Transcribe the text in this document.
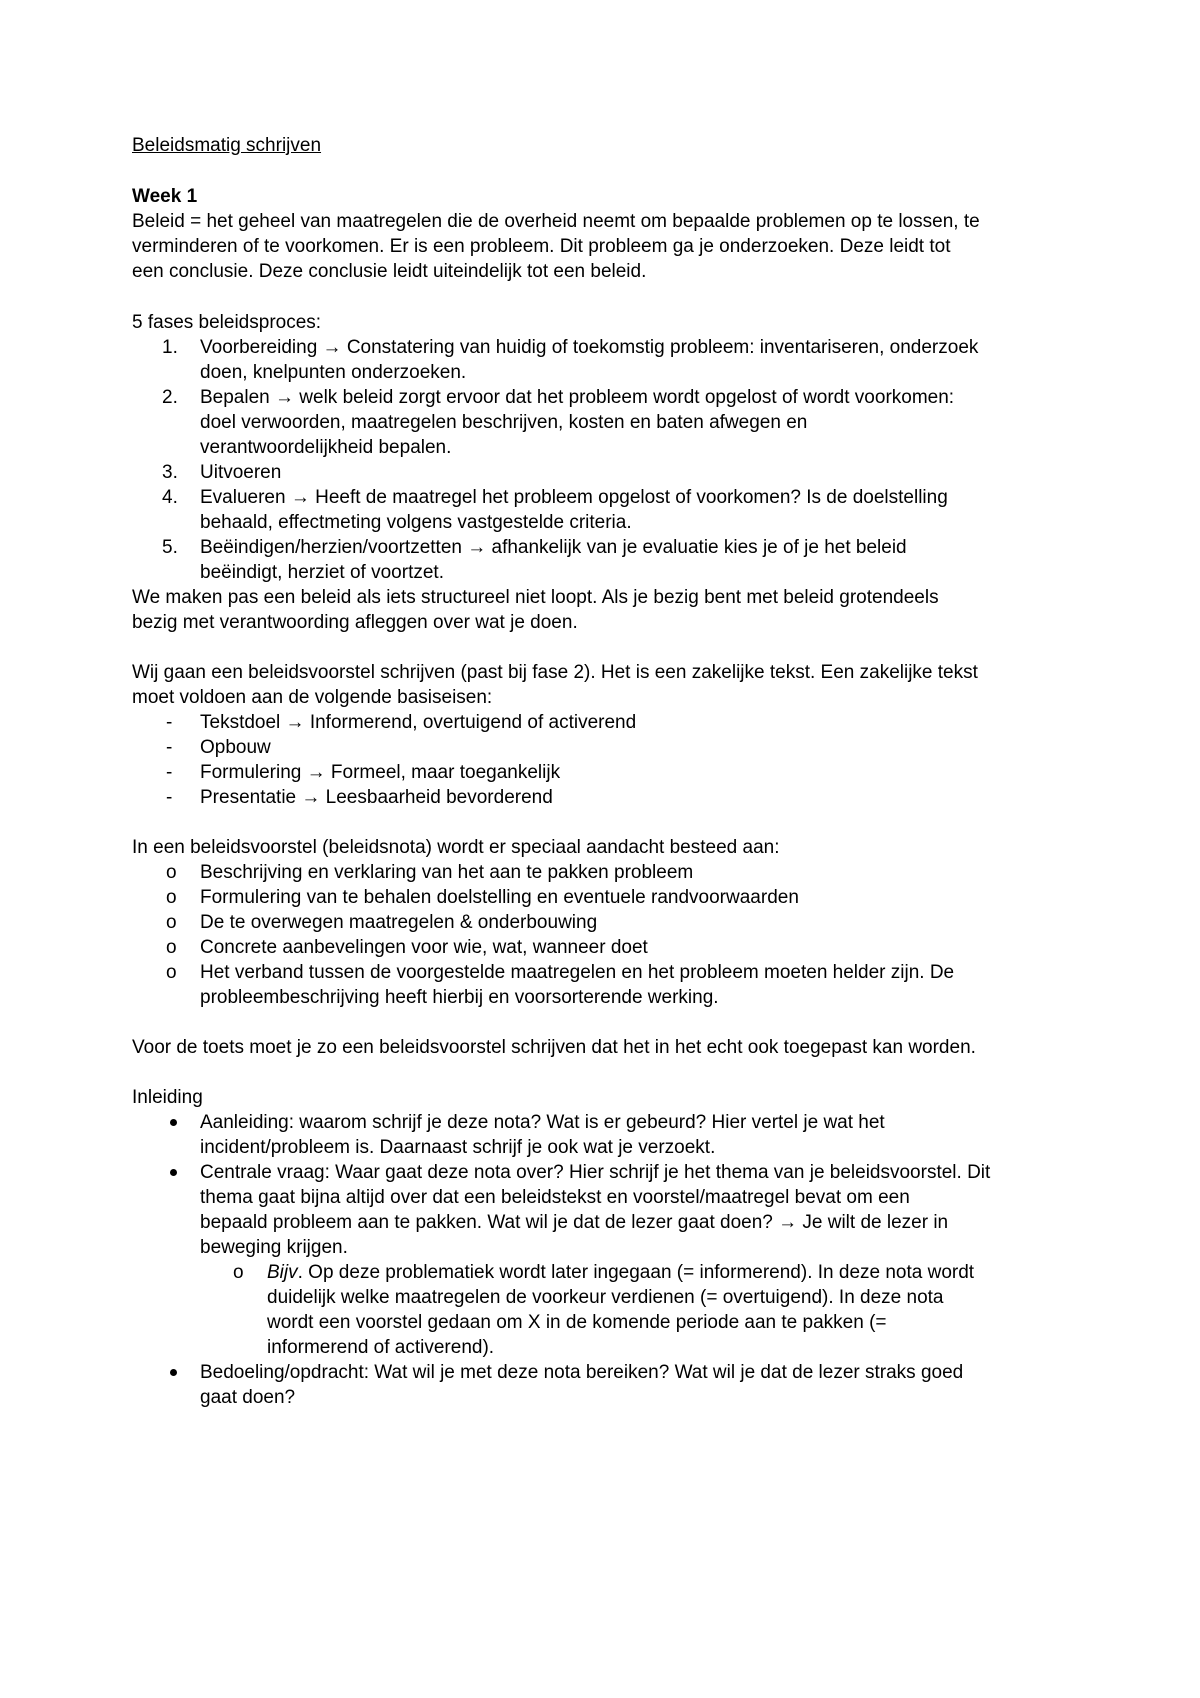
Beleidsmatig schrijven
Week 1
Beleid = het geheel van maatregelen die de overheid neemt om bepaalde problemen op te lossen, te
verminderen of te voorkomen. Er is een probleem. Dit probleem ga je onderzoeken. Deze leidt tot
een conclusie. Deze conclusie leidt uiteindelijk tot een beleid.
5 fases beleidsproces:
1. Voorbereiding → Constatering van huidig of toekomstig probleem: inventariseren, onderzoek
doen, knelpunten onderzoeken.
2. Bepalen → welk beleid zorgt ervoor dat het probleem wordt opgelost of wordt voorkomen:
doel verwoorden, maatregelen beschrijven, kosten en baten afwegen en
verantwoordelijkheid bepalen.
3. Uitvoeren
4. Evalueren → Heeft de maatregel het probleem opgelost of voorkomen? Is de doelstelling
behaald, effectmeting volgens vastgestelde criteria.
5. Beëindigen/herzien/voortzetten → afhankelijk van je evaluatie kies je of je het beleid
beëindigt, herziet of voortzet.
We maken pas een beleid als iets structureel niet loopt. Als je bezig bent met beleid grotendeels
bezig met verantwoording afleggen over wat je doen.
Wij gaan een beleidsvoorstel schrijven (past bij fase 2). Het is een zakelijke tekst. Een zakelijke tekst
moet voldoen aan de volgende basiseisen:
- Tekstdoel → Informerend, overtuigend of activerend
- Opbouw
- Formulering → Formeel, maar toegankelijk
- Presentatie → Leesbaarheid bevorderend
In een beleidsvoorstel (beleidsnota) wordt er speciaal aandacht besteed aan:
o Beschrijving en verklaring van het aan te pakken probleem
o Formulering van te behalen doelstelling en eventuele randvoorwaarden
o De te overwegen maatregelen & onderbouwing
o Concrete aanbevelingen voor wie, wat, wanneer doet
o Het verband tussen de voorgestelde maatregelen en het probleem moeten helder zijn. De
probleembeschrijving heeft hierbij en voorsorterende werking.
Voor de toets moet je zo een beleidsvoorstel schrijven dat het in het echt ook toegepast kan worden.
Inleiding
Aanleiding: waarom schrijf je deze nota? Wat is er gebeurd? Hier vertel je wat het
incident/probleem is. Daarnaast schrijf je ook wat je verzoekt.
Centrale vraag: Waar gaat deze nota over? Hier schrijf je het thema van je beleidsvoorstel. Dit
thema gaat bijna altijd over dat een beleidstekst en voorstel/maatregel bevat om een
bepaald probleem aan te pakken. Wat wil je dat de lezer gaat doen? → Je wilt de lezer in
beweging krijgen.
o Bijv. Op deze problematiek wordt later ingegaan (= informerend). In deze nota wordt
duidelijk welke maatregelen de voorkeur verdienen (= overtuigend). In deze nota
wordt een voorstel gedaan om X in de komende periode aan te pakken (=
informerend of activerend).
Bedoeling/opdracht: Wat wil je met deze nota bereiken? Wat wil je dat de lezer straks goed
gaat doen?
